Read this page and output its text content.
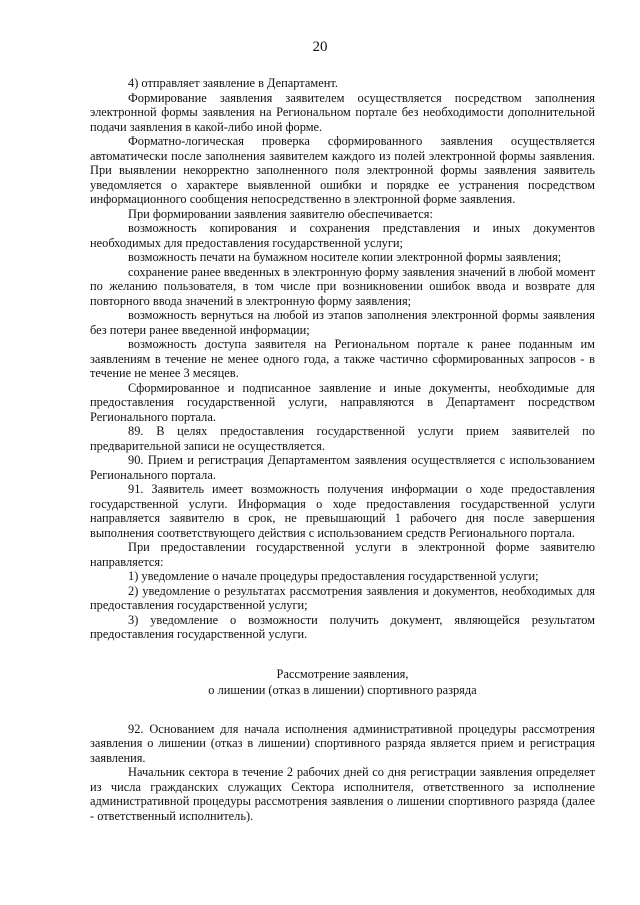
20

4) отправляет заявление в Департамент.

Формирование заявления заявителем осуществляется посредством заполнения электронной формы заявления на Региональном портале без необходимости дополнительной подачи заявления в какой-либо иной форме.

Форматно-логическая проверка сформированного заявления осуществляется автоматически после заполнения заявителем каждого из полей электронной формы заявления. При выявлении некорректно заполненного поля электронной формы заявления заявитель уведомляется о характере выявленной ошибки и порядке ее устранения посредством информационного сообщения непосредственно в электронной форме заявления.

При формировании заявления заявителю обеспечивается:

возможность копирования и сохранения представления и иных документов необходимых для предоставления государственной услуги;

возможность печати на бумажном носителе копии электронной формы заявления;

сохранение ранее введенных в электронную форму заявления значений в любой момент по желанию пользователя, в том числе при возникновении ошибок ввода и возврате для повторного ввода значений в электронную форму заявления;

возможность вернуться на любой из этапов заполнения электронной формы заявления без потери ранее введенной информации;

возможность доступа заявителя на Региональном портале к ранее поданным им заявлениям в течение не менее одного года, а также частично сформированных запросов - в течение не менее 3 месяцев.

Сформированное и подписанное заявление и иные документы, необходимые для предоставления государственной услуги, направляются в Департамент посредством Регионального портала.

89. В целях предоставления государственной услуги прием заявителей по предварительной записи не осуществляется.

90. Прием и регистрация Департаментом заявления осуществляется с использованием Регионального портала.

91. Заявитель имеет возможность получения информации о ходе предоставления государственной услуги. Информация о ходе предоставления государственной услуги направляется заявителю в срок, не превышающий 1 рабочего дня после завершения выполнения соответствующего действия с использованием средств Регионального портала.

При предоставлении государственной услуги в электронной форме заявителю направляется:

1) уведомление о начале процедуры предоставления государственной услуги;

2) уведомление о результатах рассмотрения заявления и документов, необходимых для предоставления государственной услуги;

3) уведомление о возможности получить документ, являющейся результатом предоставления государственной услуги.

Рассмотрение заявления,
о лишении (отказ в лишении) спортивного разряда

92. Основанием для начала исполнения административной процедуры рассмотрения заявления о лишении (отказ в лишении) спортивного разряда является прием и регистрация заявления.

Начальник сектора в течение 2 рабочих дней со дня регистрации заявления определяет из числа гражданских служащих Сектора исполнителя, ответственного за исполнение административной процедуры рассмотрения заявления о лишении спортивного разряда (далее - ответственный исполнитель).
